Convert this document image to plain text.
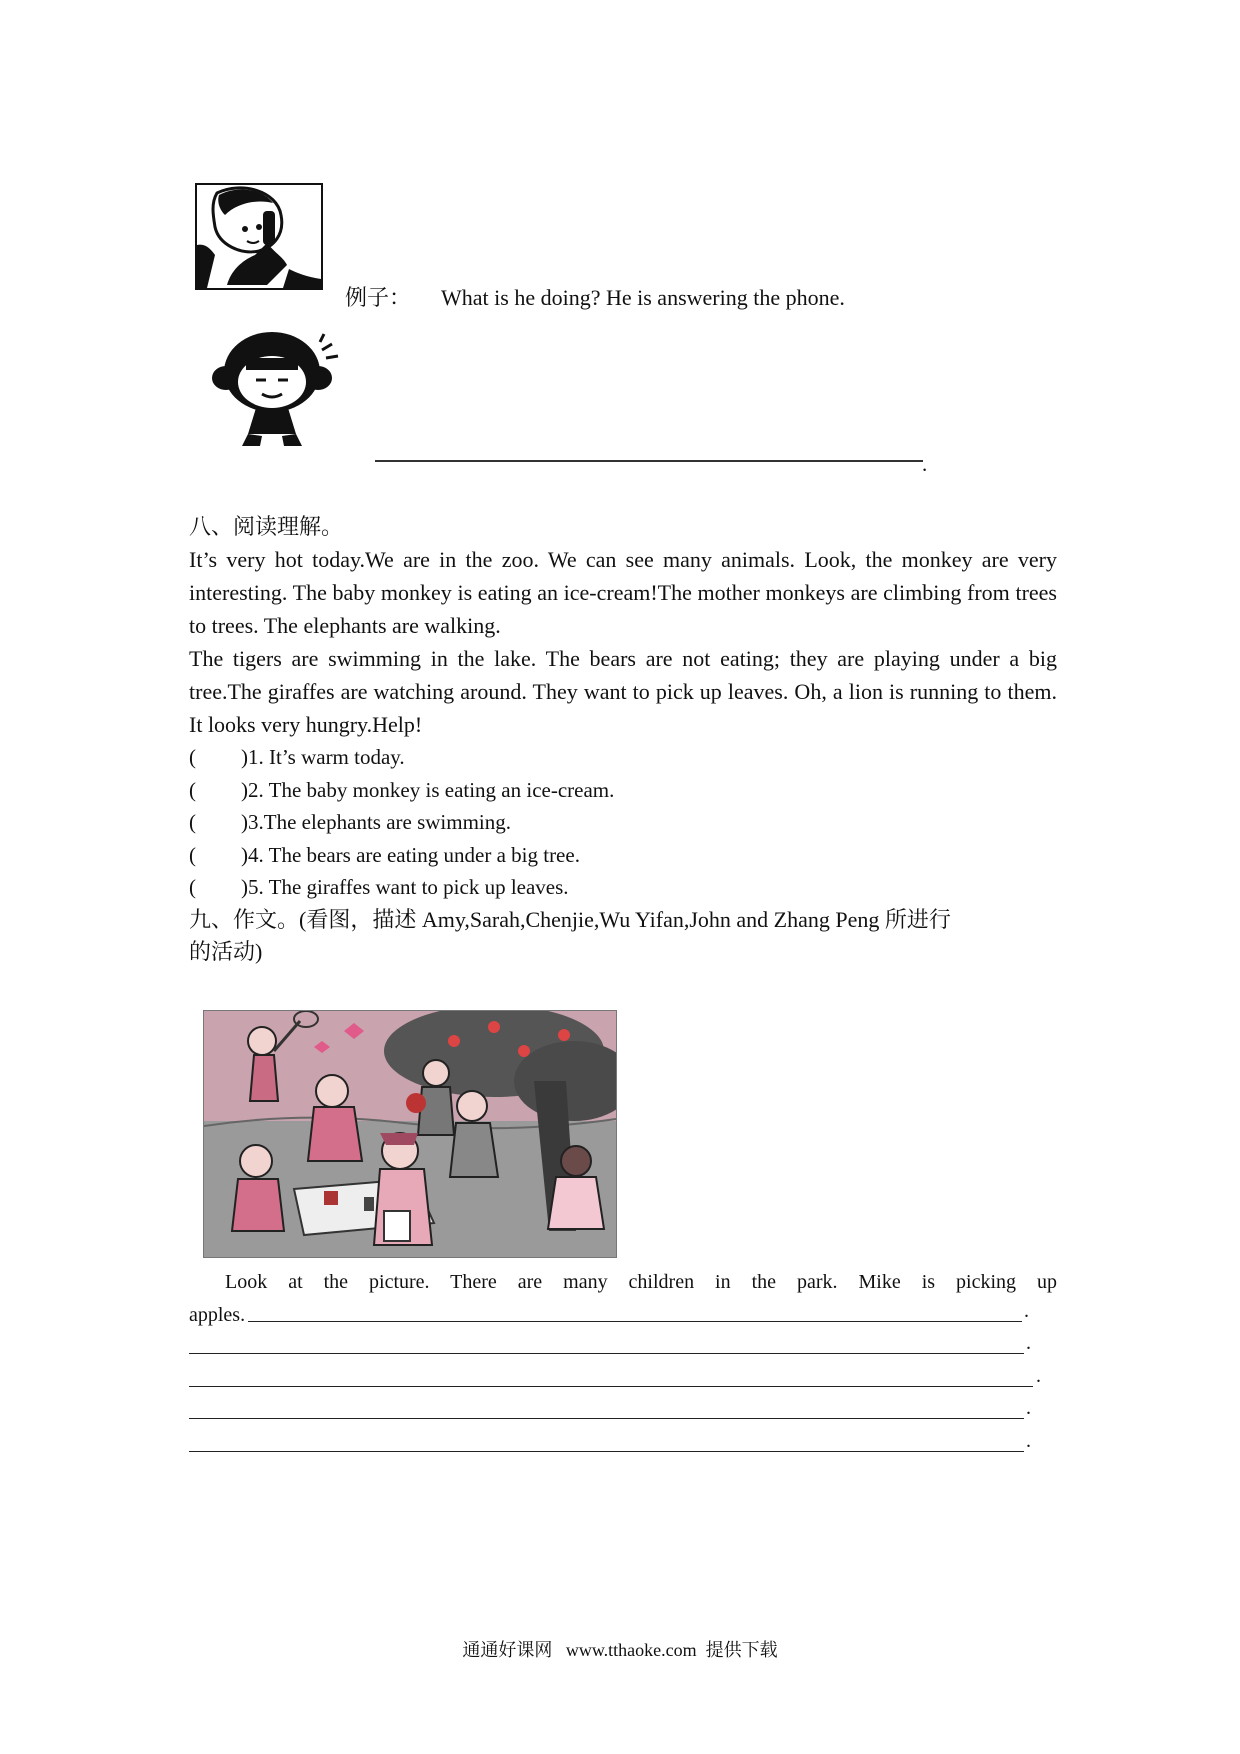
例子： What is he doing? He is answering the phone.
.
八、阅读理解。
It’s very hot today.We are in the zoo. We can see many animals. Look, the monkey are very interesting. The baby monkey is eating an ice-cream!The mother monkeys are climbing from trees to trees. The elephants are walking.
The tigers are swimming in the lake. The bears are not eating; they are playing under a big tree.The giraffes are watching around. They want to pick up leaves. Oh, a lion is running to them. It looks very hungry.Help!
( )1. It’s warm today.
( )2. The baby monkey is eating an ice-cream.
( )3.The elephants are swimming.
( )4. The bears are eating under a big tree.
( )5. The giraffes want to pick up leaves.
九、作文。(看图，描述 Amy,Sarah,Chenjie,Wu Yifan,John and Zhang Peng 所进行
的活动)
Look at the picture. There are many children in the park. Mike is picking up
apples.	.
.
.
.
.
通通好课网   www.tthaoke.com  提供下载
